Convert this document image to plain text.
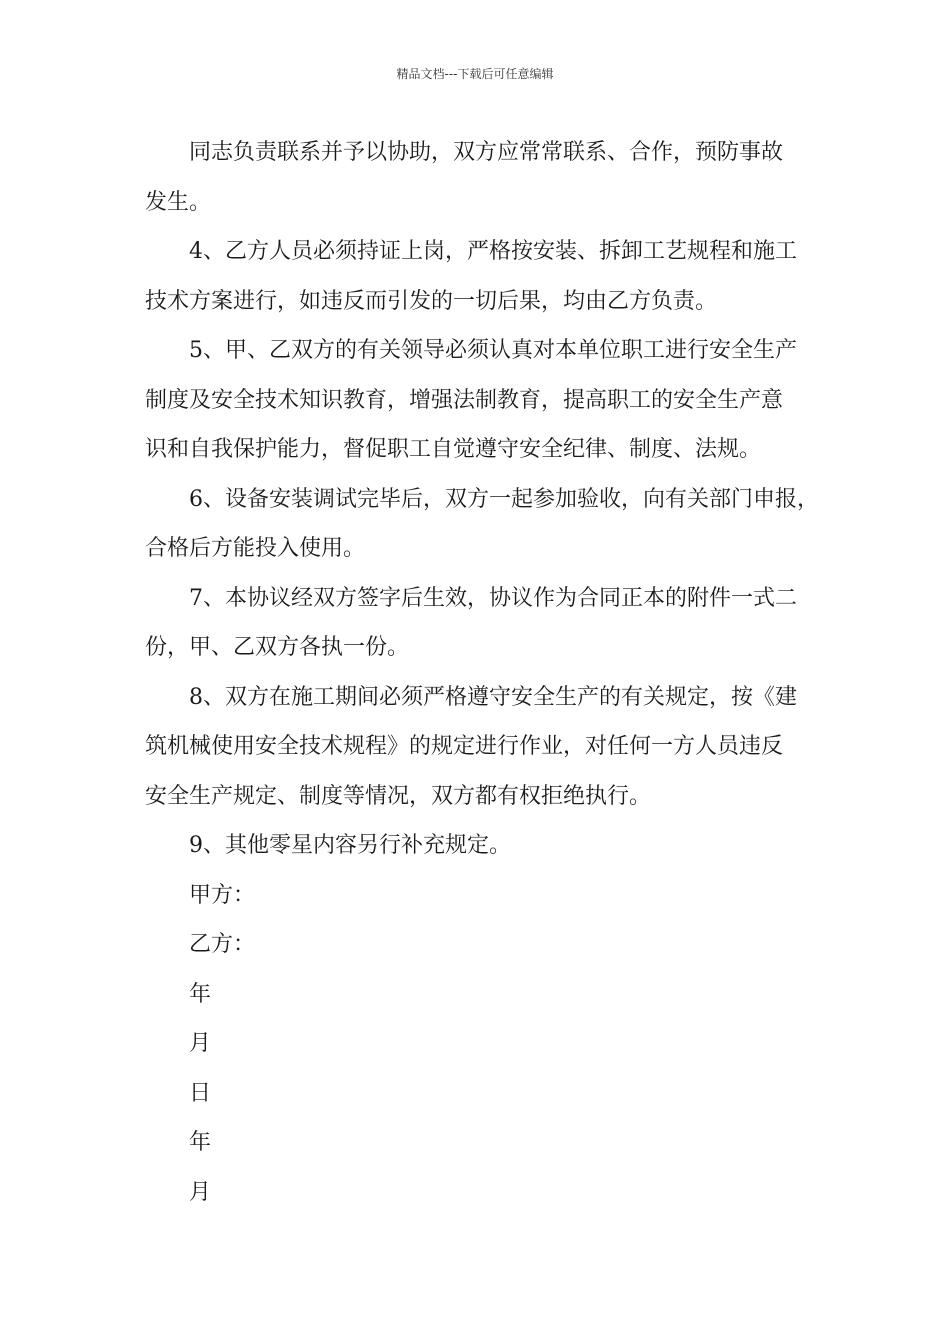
精品文档---下载后可任意编辑

同志负责联系并予以协助，双方应常常联系、合作，预防事故
发生。

4、乙方人员必须持证上岗，严格按安装、拆卸工艺规程和施工
技术方案进行，如违反而引发的一切后果，均由乙方负责。

5、甲、乙双方的有关领导必须认真对本单位职工进行安全生产
制度及安全技术知识教育，增强法制教育，提高职工的安全生产意
识和自我保护能力，督促职工自觉遵守安全纪律、制度、法规。

6、设备安装调试完毕后，双方一起参加验收，向有关部门申报，
合格后方能投入使用。

7、本协议经双方签字后生效，协议作为合同正本的附件一式二
份，甲、乙双方各执一份。

8、双方在施工期间必须严格遵守安全生产的有关规定，按《建
筑机械使用安全技术规程》的规定进行作业，对任何一方人员违反
安全生产规定、制度等情况，双方都有权拒绝执行。

9、其他零星内容另行补充规定。

甲方：

乙方：

年

月

日

年

月
